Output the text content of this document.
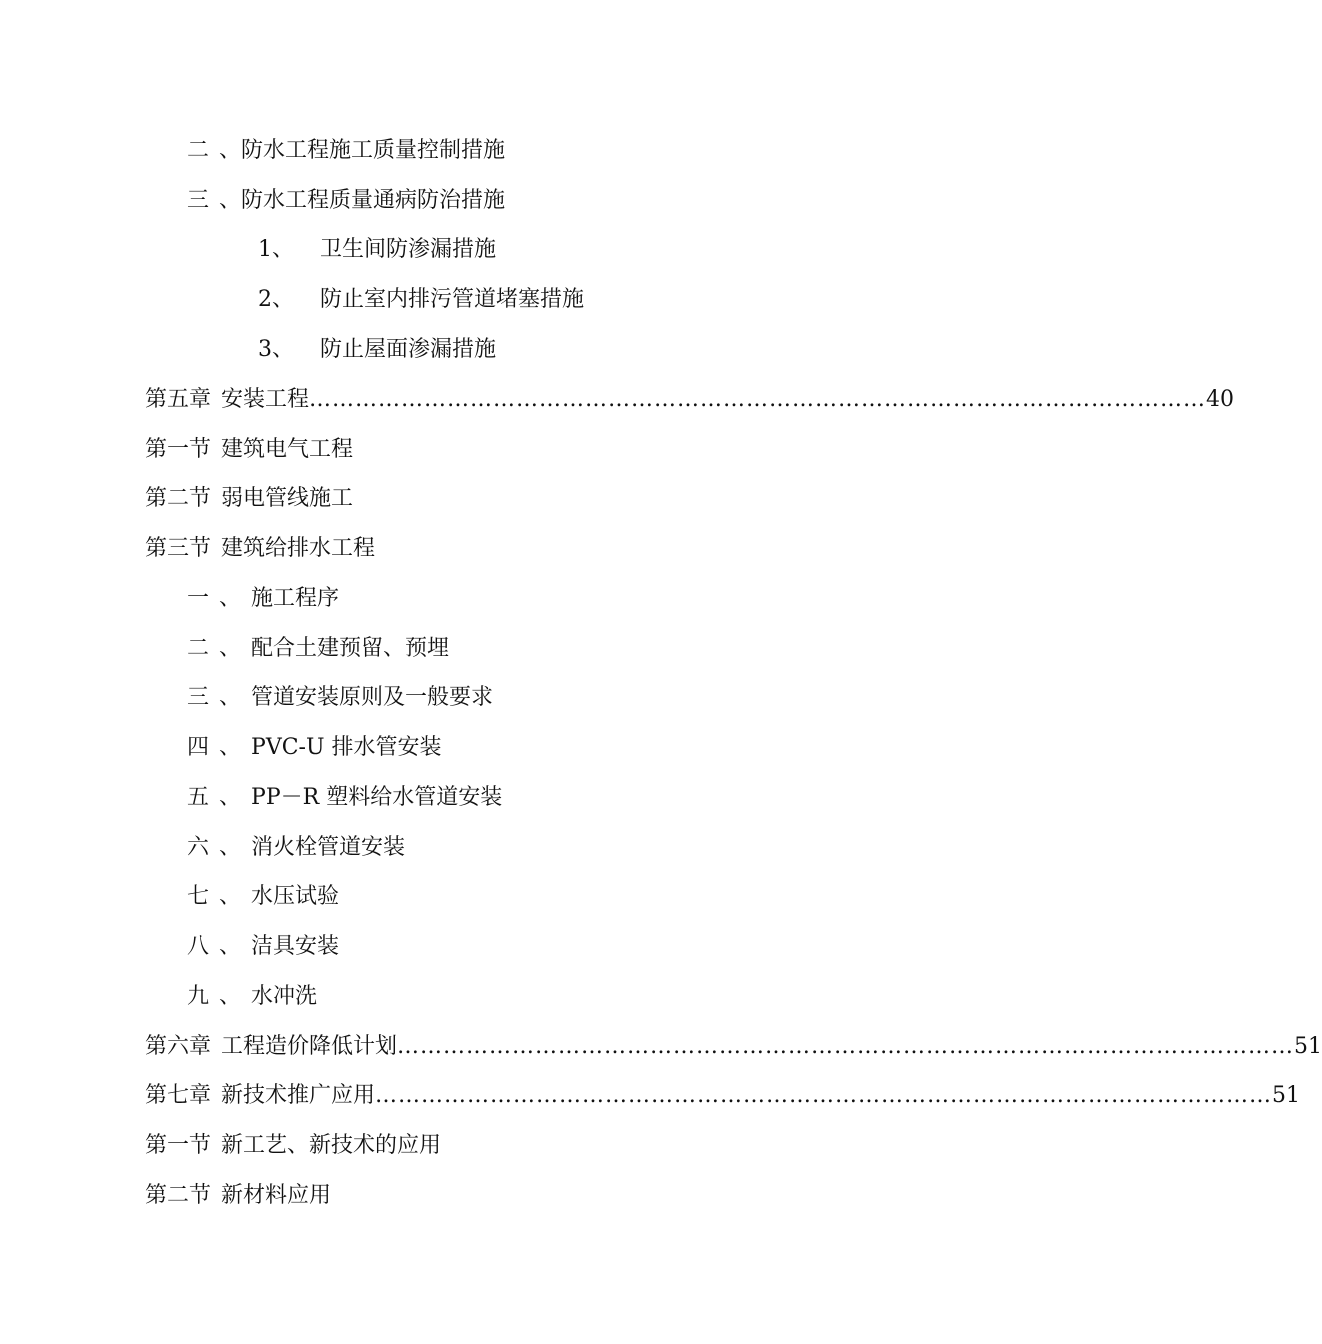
二 、防水工程施工质量控制措施
三 、防水工程质量通病防治措施
1、 卫生间防渗漏措施
2、 防止室内排污管道堵塞措施
3、 防止屋面渗漏措施
第五章 安装工程 ……………………………………………………………………………………………………… 40
第一节 建筑电气工程
第二节 弱电管线施工
第三节 建筑给排水工程
一 、 施工程序
二 、 配合土建预留、预埋
三 、 管道安装原则及一般要求
四 、 PVC-U 排水管安装
五 、 PP－R 塑料给水管道安装
六 、 消火栓管道安装
七 、 水压试验
八 、 洁具安装
九 、 水冲洗
第六章 工程造价降低计划 ……………………………………………………………………………………………………… 51
第七章 新技术推广应用 ……………………………………………………………………………………………………… 51
第一节 新工艺、新技术的应用
第二节 新材料应用
